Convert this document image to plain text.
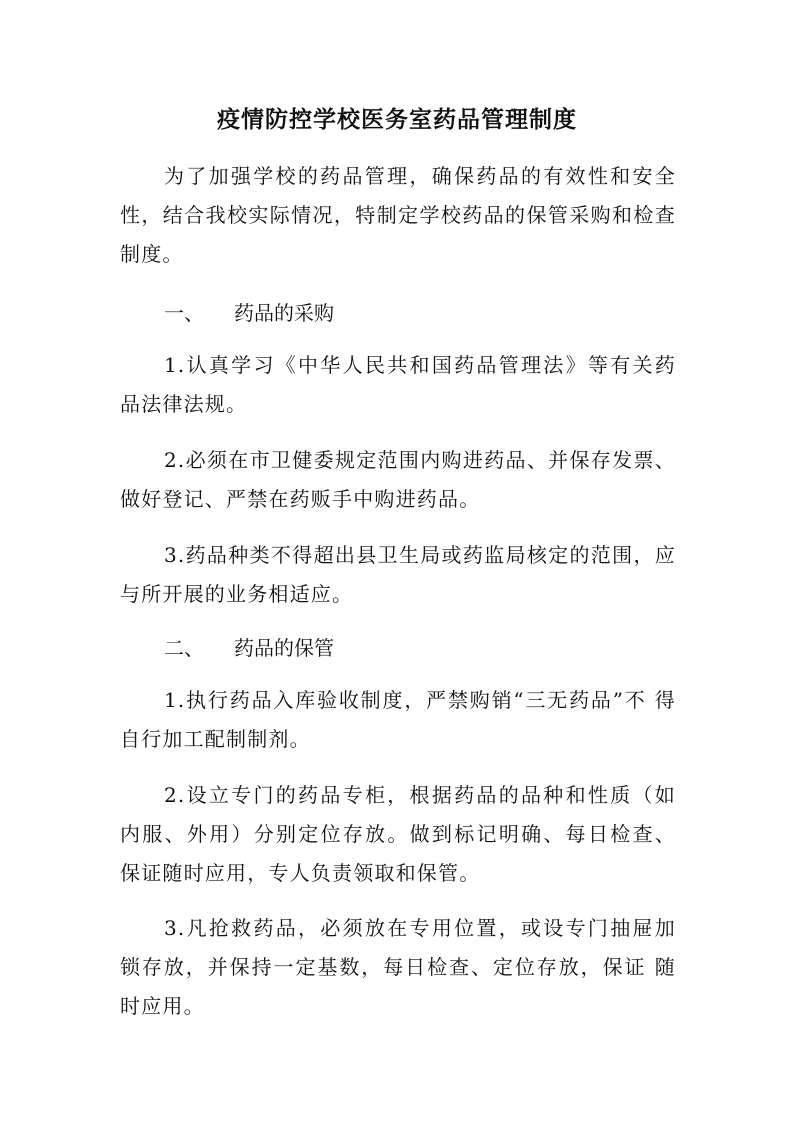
疫情防控学校医务室药品管理制度
为了加强学校的药品管理，确保药品的有效性和安全性，结合我校实际情况，特制定学校药品的保管采购和检查制度。
一、 药品的采购
1.认真学习《中华人民共和国药品管理法》等有关药 品法律法规。
2.必须在市卫健委规定范围内购进药品、并保存发票、做好登记、严禁在药贩手中购进药品。
3.药品种类不得超出县卫生局或药监局核定的范围，应与所开展的业务相适应。
二、 药品的保管
1.执行药品入库验收制度，严禁购销“三无药品”不 得自行加工配制制剂。
2.设立专门的药品专柜，根据药品的品种和性质（如 内服、外用）分别定位存放。做到标记明确、每日检查、 保证随时应用，专人负责领取和保管。
3.凡抢救药品，必须放在专用位置，或设专门抽屉加 锁存放，并保持一定基数，每日检查、定位存放，保证 随时应用。
